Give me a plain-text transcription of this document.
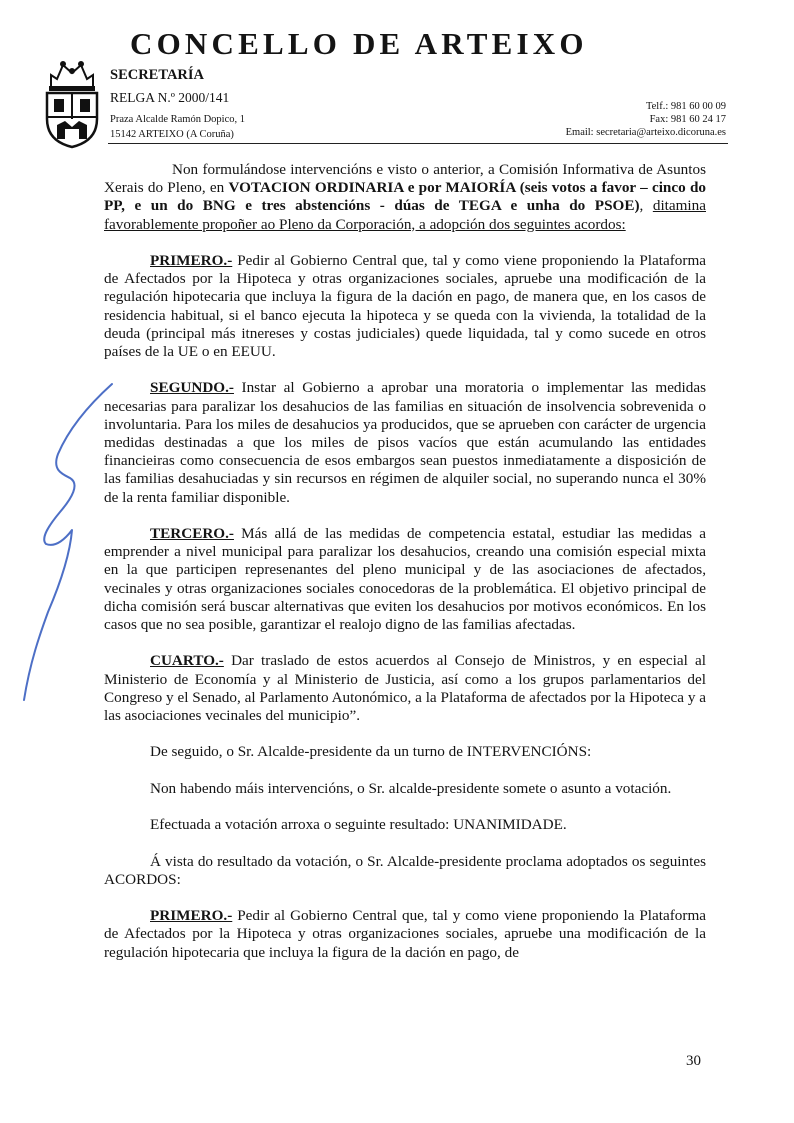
CONCELLO DE ARTEIXO
SECRETARÍA
RELGA N.º 2000/141
Praza Alcalde Ramón Dopico, 1
15142 ARTEIXO (A Coruña)
Telf.: 981 60 00 09
Fax: 981 60 24 17
Email: secretaria@arteixo.dicoruna.es

Non formulándose intervencións e visto o anterior, a Comisión Informativa de Asuntos Xerais do Pleno, en VOTACION ORDINARIA e por MAIORÍA (seis votos a favor – cinco do PP, e un do BNG e tres abstencións - dúas de TEGA e unha do PSOE), ditamina favorablemente propoñer ao Pleno da Corporación, a adopción dos seguintes acordos:

PRIMERO.- Pedir al Gobierno Central que, tal y como viene proponiendo la Plataforma de Afectados por la Hipoteca y otras organizaciones sociales, apruebe una modificación de la regulación hipotecaria que incluya la figura de la dación en pago, de manera que, en los casos de residencia habitual, si el banco ejecuta la hipoteca y se queda con la vivienda, la totalidad de la deuda (principal más itnereses y costas judiciales) quede liquidada, tal y como sucede en otros países de la UE o en EEUU.

SEGUNDO.- Instar al Gobierno a aprobar una moratoria o implementar las medidas necesarias para paralizar los desahucios de las familias en situación de insolvencia sobrevenida o involuntaria. Para los miles de desahucios ya producidos, que se aprueben con carácter de urgencia medidas destinadas a que los miles de pisos vacíos que están acumulando las entidades financieiras como consecuencia de esos embargos sean puestos inmediatamente a disposición de las familias desahuciadas y sin recursos en régimen de alquiler social, no superando nunca el 30% de la renta familiar disponible.

TERCERO.- Más allá de las medidas de competencia estatal, estudiar las medidas a emprender a nivel municipal para paralizar los desahucios, creando una comisión especial mixta en la que participen represenantes del pleno municipal y de las asociaciones de afectados, vecinales y otras organizaciones sociales conocedoras de la problemática. El objetivo principal de dicha comisión será buscar alternativas que eviten los desahucios por motivos económicos. En los casos que no sea posible, garantizar el realojo digno de las familias afectadas.

CUARTO.- Dar traslado de estos acuerdos al Consejo de Ministros, y en especial al Ministerio de Economía y al Ministerio de Justicia, así como a los grupos parlamentarios del Congreso y el Senado, al Parlamento Autonómico, a la Plataforma de afectados por la Hipoteca y a las asociaciones vecinales del municipio”.

De seguido, o Sr. Alcalde-presidente da un turno de INTERVENCIÓNS:

Non habendo máis intervencións, o Sr. alcalde-presidente somete o asunto a votación.

Efectuada a votación arroxa o seguinte resultado: UNANIMIDADE.

Á vista do resultado da votación, o Sr. Alcalde-presidente proclama adoptados os seguintes ACORDOS:

PRIMERO.- Pedir al Gobierno Central que, tal y como viene proponiendo la Plataforma de Afectados por la Hipoteca y otras organizaciones sociales, apruebe una modificación de la regulación hipotecaria que incluya la figura de la dación en pago, de

30
